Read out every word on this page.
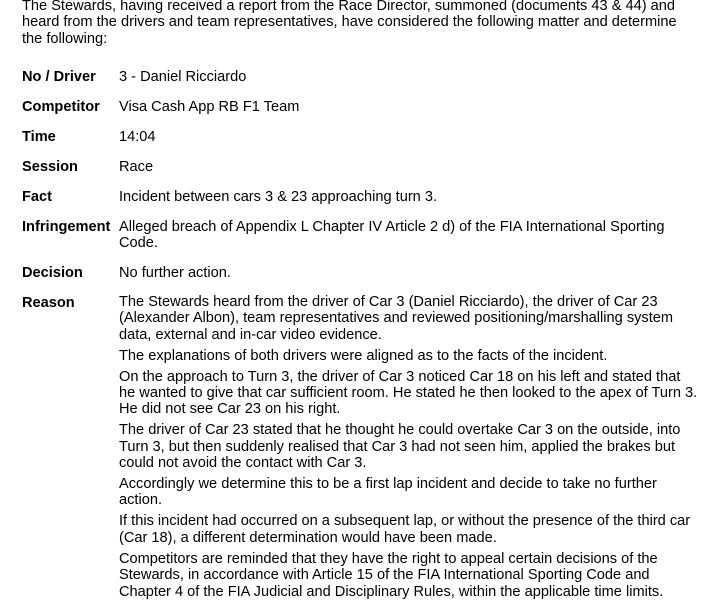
The Stewards, having received a report from the Race Director, summoned (documents 43 & 44) and heard from the drivers and team representatives, have considered the following matter and determine the following:

No / Driver 3 - Daniel Ricciardo
Competitor Visa Cash App RB F1 Team
Time	14:04
Session	Race
Fact	Incident between cars 3 & 23 approaching turn 3.
Infringement Alleged breach of Appendix L Chapter IV Article 2 d) of the FIA International Sporting Code.
Decision No further action.
Reason	The Stewards heard from the driver of Car 3 (Daniel Ricciardo), the driver of Car 23 (Alexander Albon), team representatives and reviewed positioning/marshalling system data, external and in-car video evidence.

The explanations of both drivers were aligned as to the facts of the incident.

On the approach to Turn 3, the driver of Car 3 noticed Car 18 on his left and stated that he wanted to give that car sufficient room. He stated he then looked to the apex of Turn 3. He did not see Car 23 on his right.

The driver of Car 23 stated that he thought he could overtake Car 3 on the outside, into Turn 3, but then suddenly realised that Car 3 had not seen him, applied the brakes but could not avoid the contact with Car 3.

Accordingly we determine this to be a first lap incident and decide to take no further action.

If this incident had occurred on a subsequent lap, or without the presence of the third car (Car 18), a different determination would have been made.

Competitors are reminded that they have the right to appeal certain decisions of the Stewards, in accordance with Article 15 of the FIA International Sporting Code and Chapter 4 of the FIA Judicial and Disciplinary Rules, within the applicable time limits.
